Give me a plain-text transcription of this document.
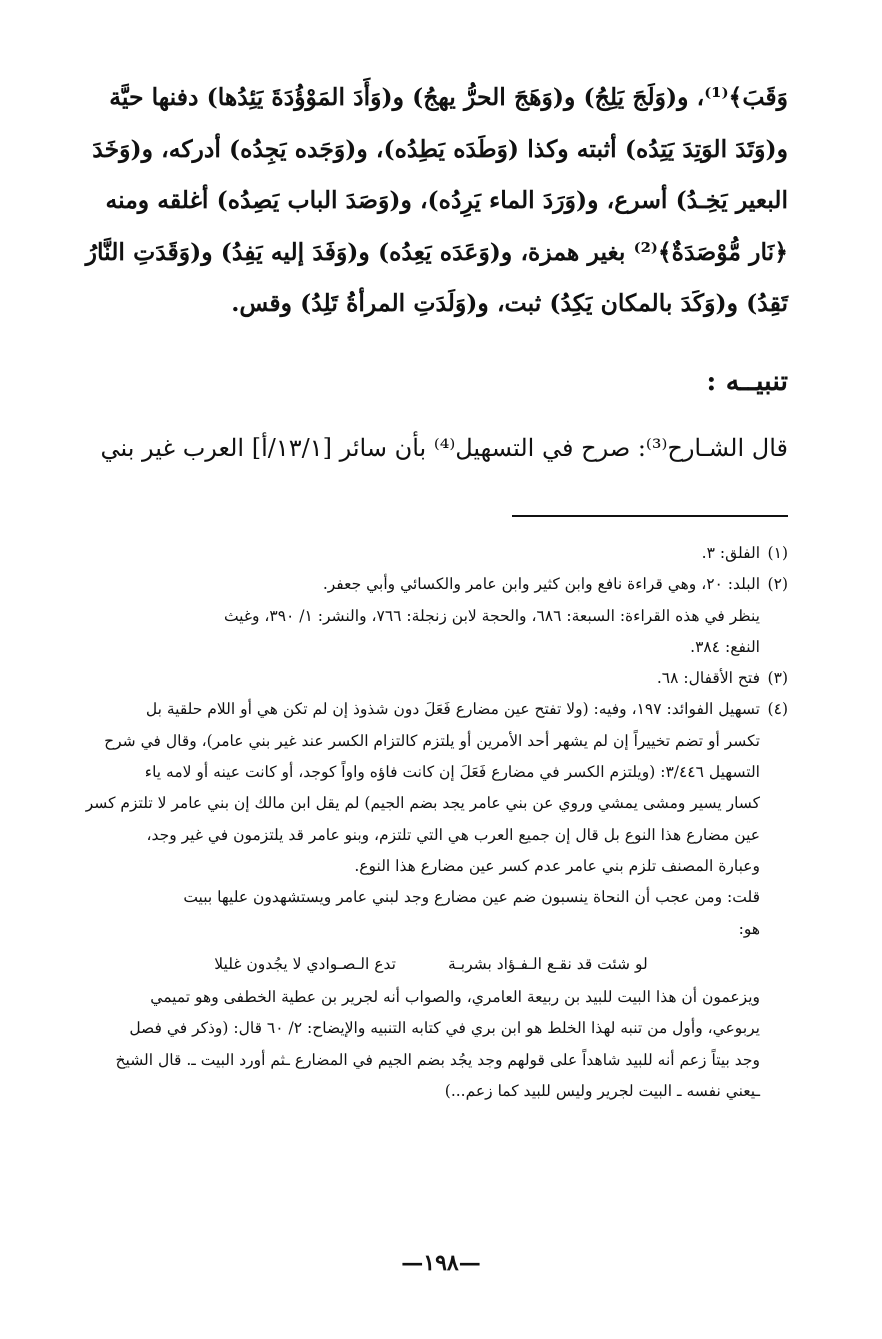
وَقَبَ﴾⁽¹⁾، و(وَلَجَ يَلِجُ) و(وَهَجَ الحرُّ يهجُ) و(وَأَدَ المَوْؤُدَةَ يَئِدُها) دفنها حيَّة

و(وَتَدَ الوَتِدَ يَتِدُه) أثبته وكذا (وَطَدَه يَطِدُه)، و(وَجَده يَجِدُه) أدركه، و(وَخَدَ

البعير يَخِـدُ) أسرع، و(وَرَدَ الماء يَرِدُه)، و(وَصَدَ الباب يَصِدُه) أغلقه ومنه

﴿نَار مُّوْصَدَةٌ﴾⁽²⁾ بغير همزة، و(وَعَدَه يَعِدُه) و(وَفَدَ إليه يَفِدُ) و(وَقَدَتِ النَّارُ

تَقِدُ) و(وَكَدَ بالمكان يَكِدُ) ثبت، و(وَلَدَتِ المرأةُ تَلِدُ) وقس.

تنبيــه :

قال الشـارح⁽³⁾: صرح في التسهيل⁽⁴⁾ بأن سائر [١٣/١/أ] العرب غير بني

(١)الفلق: ٣.

(٢)البلد: ٢٠، وهي قراءة نافع وابن كثير وابن عامر والكسائي وأبي جعفر.

ينظر في هذه القراءة: السبعة: ٦٨٦، والحجة لابن زنجلة: ٧٦٦، والنشر: ١/ ٣٩٠، وغيث

النفع: ٣٨٤.

(٣)فتح الأقفال: ٦٨.

(٤)تسهيل الفوائد: ١٩٧، وفيه: (ولا تفتح عين مضارع فَعَلَ دون شذوذ إن لم تكن هي أو اللام حلقية بل

تكسر أو تضم تخييراً إن لم يشهر أحد الأمرين أو يلتزم كالتزام الكسر عند غير بني عامر)، وقال في شرح

التسهيل ٣/٤٤٦: (ويلتزم الكسر في مضارع فَعَلَ إن كانت فاؤه واواً كوجد، أو كانت عينه أو لامه ياء

كسار يسير ومشى يمشي وروي عن بني عامر يجد بضم الجيم) لم يقل ابن مالك إن بني عامر لا تلتزم كسر

عين مضارع هذا النوع بل قال إن جميع العرب هي التي تلتزم، وبنو عامر قد يلتزمون في غير وجد،

وعبارة المصنف تلزم بني عامر عدم كسر عين مضارع هذا النوع.

قلت: ومن عجب أن النحاة ينسبون ضم عين مضارع وجد لبني عامر ويستشهدون عليها ببيت

هو:

لو شئت قد نقـع الـفـؤاد بشربـة
تدع الـصـوادي لا يجُدون غليلا

ويزعمون أن هذا البيت للبيد بن ربيعة العامري، والصواب أنه لجرير بن عطية الخطفى وهو تميمي

يربوعي، وأول من تنبه لهذا الخلط هو ابن بري في كتابه التنبيه والإيضاح: ٢/ ٦٠ قال: (وذكر في فصل

وجد بيتاً زعم أنه للبيد شاهداً على قولهم وجد يجُد بضم الجيم في المضارع ـثم أورد البيت ـ. قال الشيخ

ـيعني نفسه ـ البيت لجرير وليس للبيد كما زعم...)

—١٩٨—
